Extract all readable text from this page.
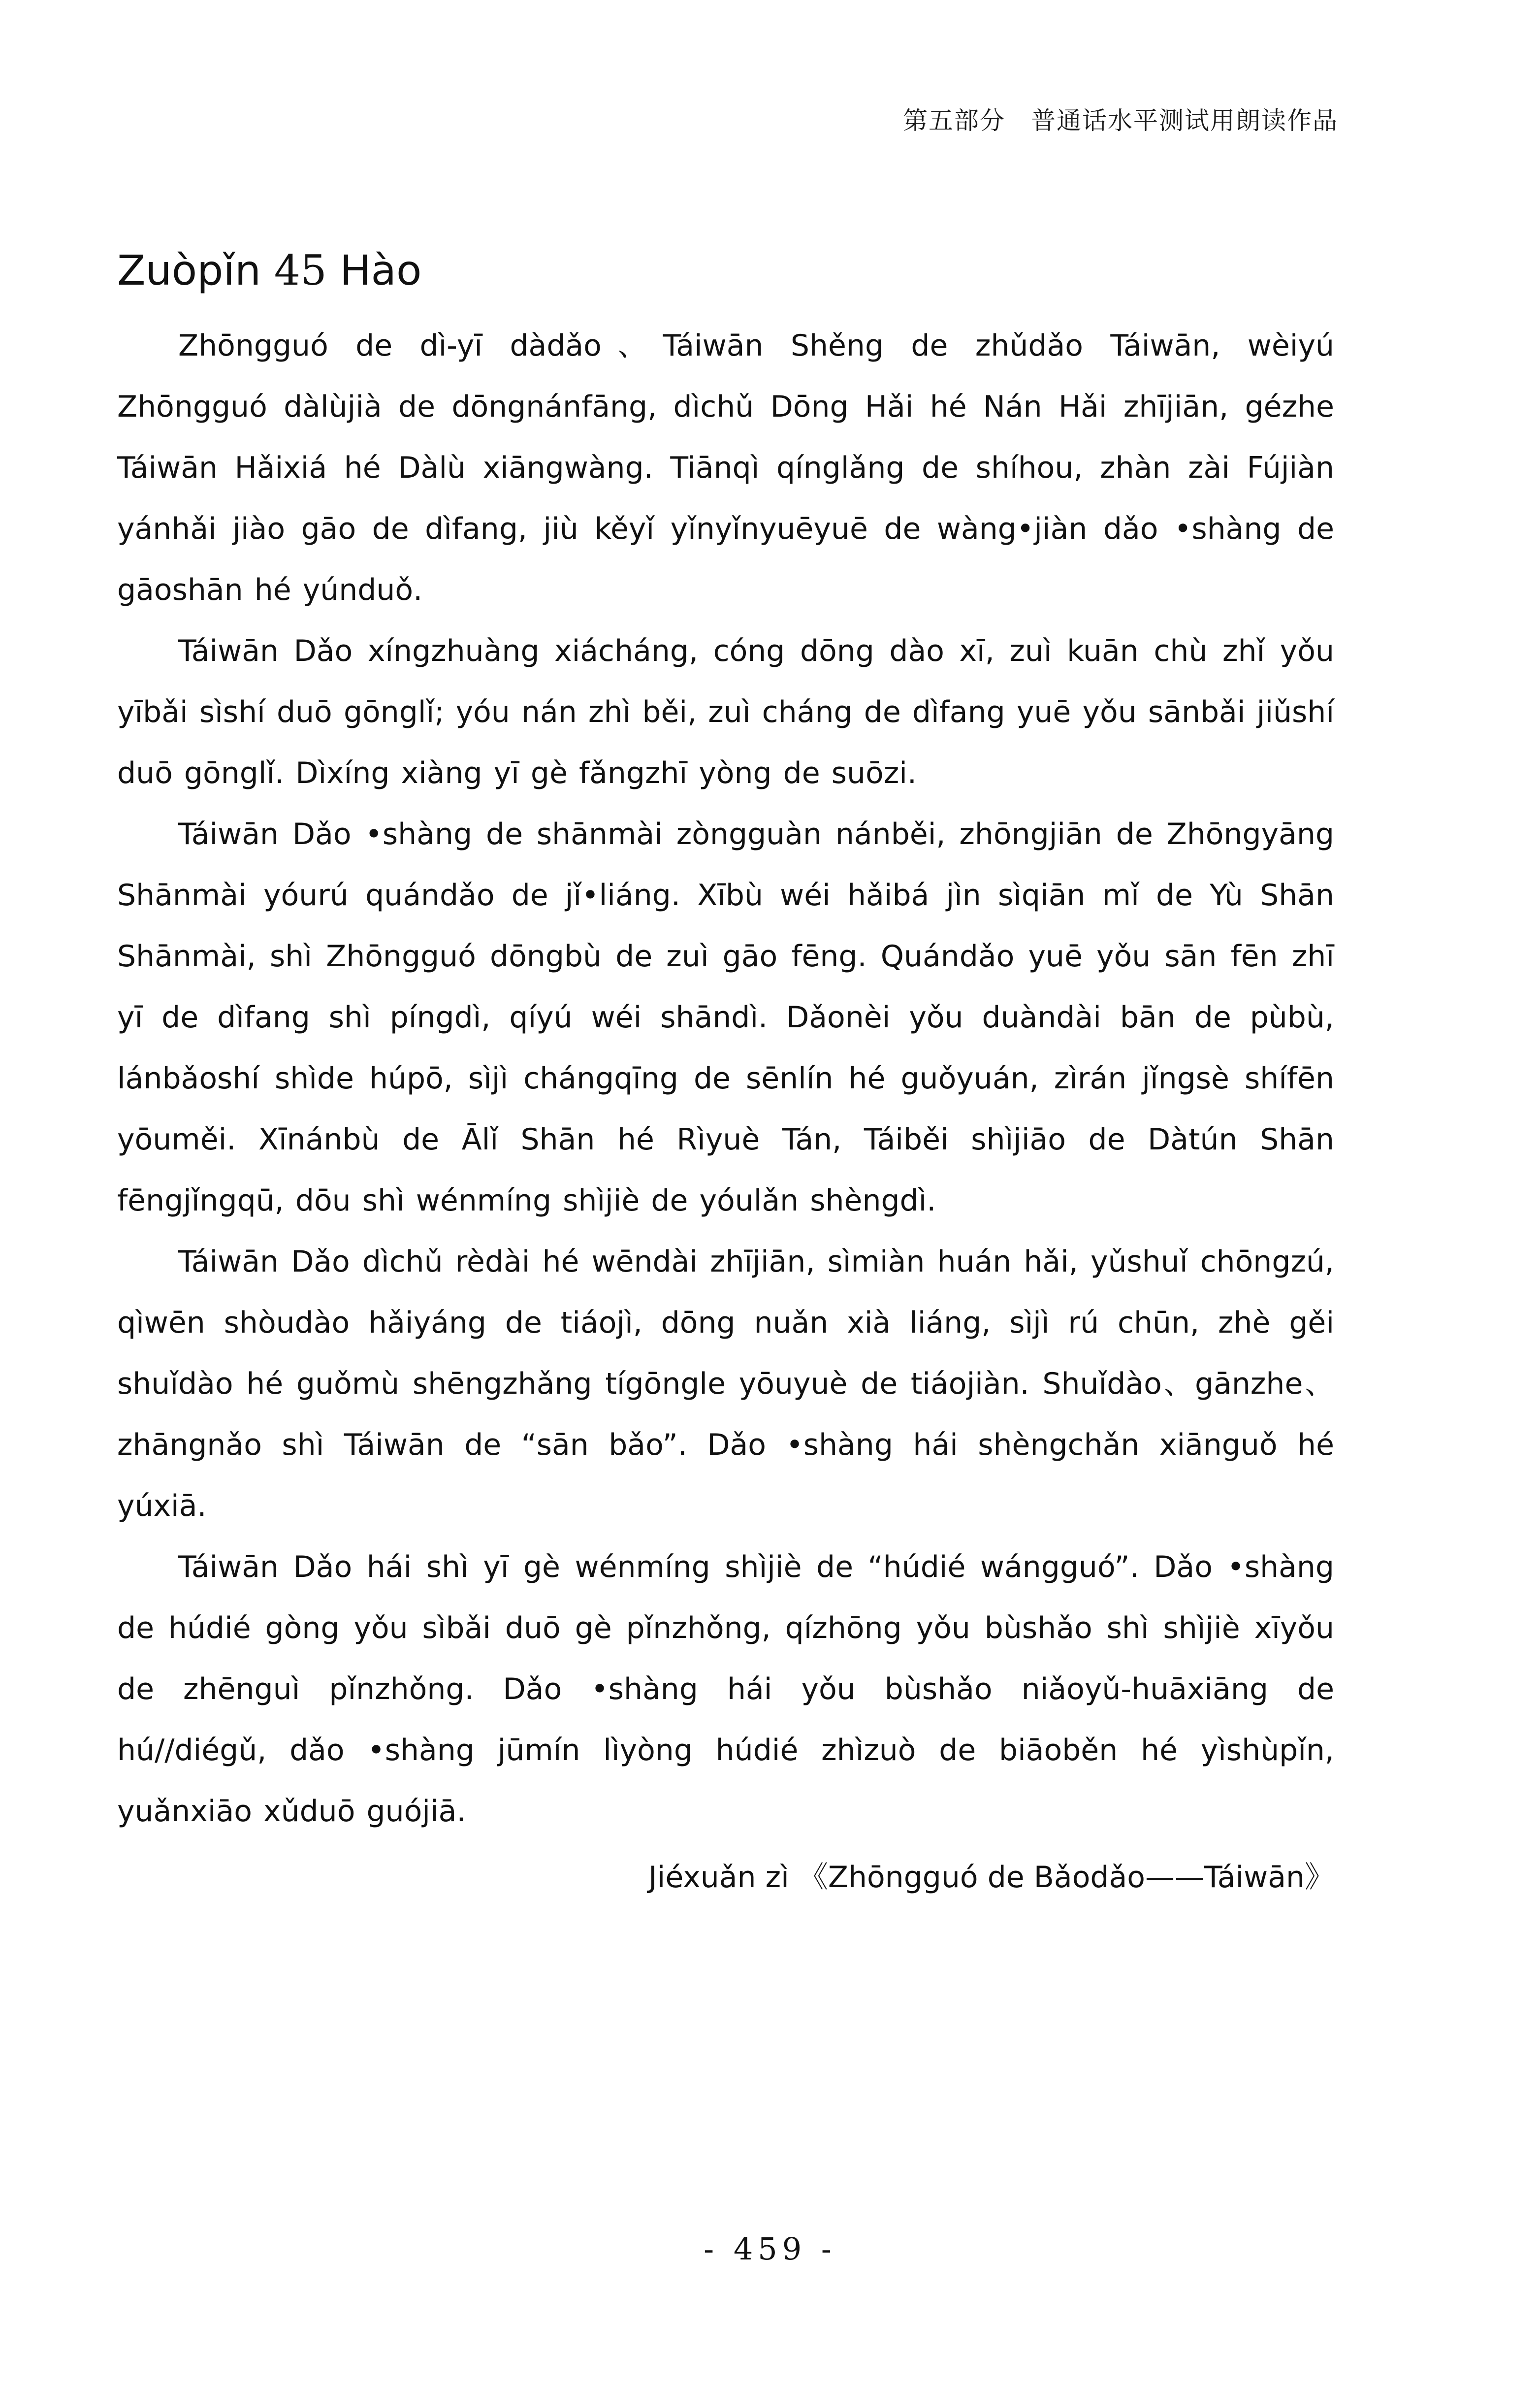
第五部分　普通话水平测试用朗读作品
Zuòpǐn 45 Hào

Zhōngguó de dì-yī dàdǎo、Táiwān Shěng de zhǔdǎo Táiwān, wèiyú Zhōngguó dàlùjià de dōngnánfāng, dìchǔ Dōng Hǎi hé Nán Hǎi zhījiān, gézhe Táiwān Hǎixiá hé Dàlù xiāngwàng. Tiānqì qínglǎng de shíhou, zhàn zài Fújiàn yánhǎi jiào gāo de dìfang, jiù kěyǐ yǐnyǐnyuēyuē de wàng•jiàn dǎo •shàng de gāoshān hé yúnduǒ.

Táiwān Dǎo xíngzhuàng xiácháng, cóng dōng dào xī, zuì kuān chù zhǐ yǒu yībǎi sìshí duō gōnglǐ; yóu nán zhì běi, zuì cháng de dìfang yuē yǒu sānbǎi jiǔshí duō gōnglǐ. Dìxíng xiàng yī gè fǎngzhī yòng de suōzi.

Táiwān Dǎo •shàng de shānmài zòngguàn nánběi, zhōngjiān de Zhōngyāng Shānmài yóurú quándǎo de jǐ•liáng. Xībù wéi hǎibá jìn sìqiān mǐ de Yù Shān Shānmài, shì Zhōngguó dōngbù de zuì gāo fēng. Quándǎo yuē yǒu sān fēn zhī yī de dìfang shì píngdì, qíyú wéi shāndì. Dǎonèi yǒu duàndài bān de pùbù, lánbǎoshí shìde húpō, sìjì chángqīng de sēnlín hé guǒyuán, zìrán jǐngsè shífēn yōuměi. Xīnánbù de Ālǐ Shān hé Rìyuè Tán, Táiběi shìjiāo de Dàtún Shān fēngjǐngqū, dōu shì wénmíng shìjiè de yóulǎn shèngdì.

Táiwān Dǎo dìchǔ rèdài hé wēndài zhījiān, sìmiàn huán hǎi, yǔshuǐ chōngzú, qìwēn shòudào hǎiyáng de tiáojì, dōng nuǎn xià liáng, sìjì rú chūn, zhè gěi shuǐdào hé guǒmù shēngzhǎng tígōngle yōuyuè de tiáojiàn. Shuǐdào、gānzhe、zhāngnǎo shì Táiwān de “sān bǎo”. Dǎo •shàng hái shèngchǎn xiānguǒ hé yúxiā.

Táiwān Dǎo hái shì yī gè wénmíng shìjiè de “húdié wángguó”. Dǎo •shàng de húdié gòng yǒu sìbǎi duō gè pǐnzhǒng, qízhōng yǒu bùshǎo shì shìjiè xīyǒu de zhēnguì pǐnzhǒng. Dǎo •shàng hái yǒu bùshǎo niǎoyǔ-huāxiāng de hú//diégǔ, dǎo •shàng jūmín lìyòng húdié zhìzuò de biāoběn hé yìshùpǐn, yuǎnxiāo xǔduō guójiā.

Jiéxuǎn zì 《Zhōngguó de Bǎodǎo——Táiwān》
- 459 -
